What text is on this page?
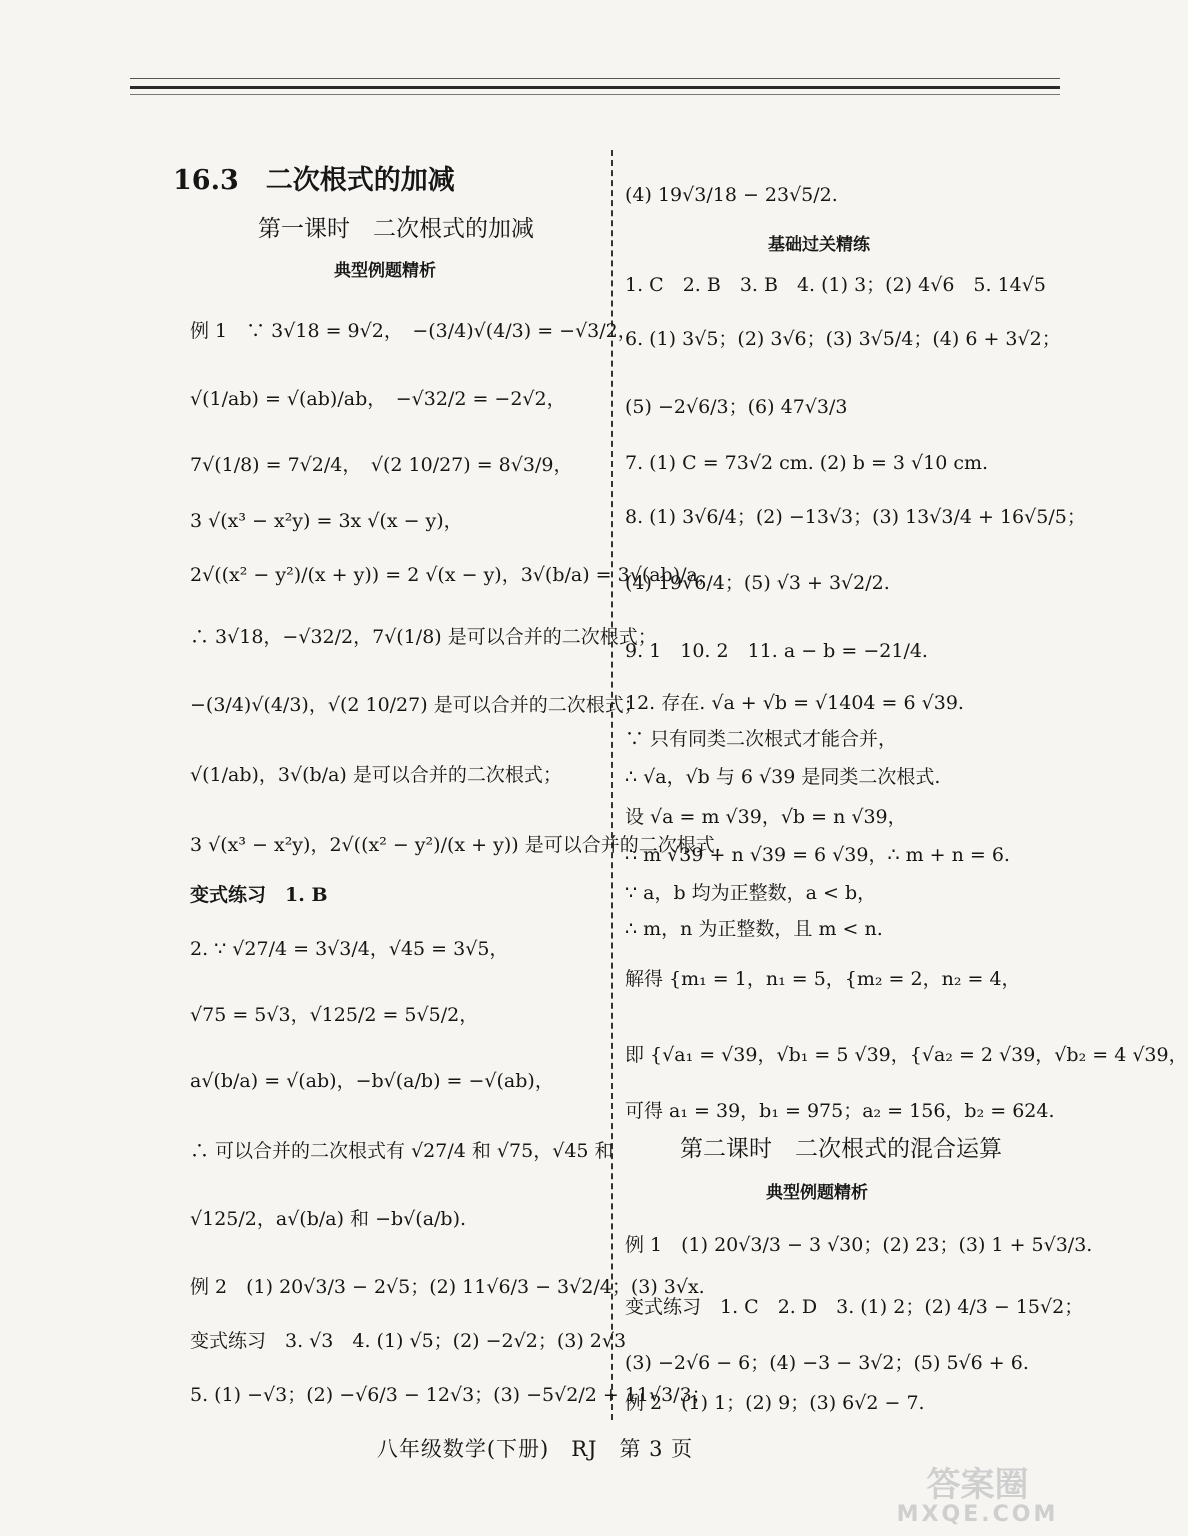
16.3　二次根式的加减
第一课时　二次根式的加减
典型例题精析
例 1　∵ 3√18 = 9√2，　−(3/4)√(4/3) = −√3/2，
√(1/ab) = √(ab)/ab，　−√32/2 = −2√2，
7√(1/8) = 7√2/4，　√(2 10/27) = 8√3/9，
3 √(x³ − x²y) = 3x √(x − y)，
2√((x² − y²)/(x + y)) = 2 √(x − y)，3√(b/a) = 3√(ab)/a，
∴ 3√18，−√32/2，7√(1/8) 是可以合并的二次根式；
−(3/4)√(4/3)，√(2 10/27) 是可以合并的二次根式；
√(1/ab)，3√(b/a) 是可以合并的二次根式；
3 √(x³ − x²y)，2√((x² − y²)/(x + y)) 是可以合并的二次根式.
变式练习　1. B
2. ∵ √27/4 = 3√3/4，√45 = 3√5，
√75 = 5√3，√125/2 = 5√5/2，
a√(b/a) = √(ab)，−b√(a/b) = −√(ab)，
∴ 可以合并的二次根式有 √27/4 和 √75，√45 和
√125/2，a√(b/a) 和 −b√(a/b).
例 2　(1) 20√3/3 − 2√5；(2) 11√6/3 − 3√2/4；(3) 3√x.
变式练习　3. √3　4. (1) √5；(2) −2√2；(3) 2√3
5. (1) −√3；(2) −√6/3 − 12√3；(3) −5√2/2 + 11√3/3；
(4) 19√3/18 − 23√5/2.
基础过关精练
1. C　2. B　3. B　4. (1) 3；(2) 4√6　5. 14√5
6. (1) 3√5；(2) 3√6；(3) 3√5/4；(4) 6 + 3√2；
(5) −2√6/3；(6) 47√3/3
7. (1) C = 73√2 cm. (2) b = 3 √10 cm.
8. (1) 3√6/4；(2) −13√3；(3) 13√3/4 + 16√5/5；
(4) 19√6/4；(5) √3 + 3√2/2.
9. 1　10. 2　11. a − b = −21/4.
12. 存在. √a + √b = √1404 = 6 √39.
∵ 只有同类二次根式才能合并，
∴ √a，√b 与 6 √39 是同类二次根式.
设 √a = m √39，√b = n √39，
∴ m √39 + n √39 = 6 √39，∴ m + n = 6.
∵ a，b 均为正整数，a < b，
∴ m，n 为正整数，且 m < n.
解得 {m₁ = 1，n₁ = 5，{m₂ = 2，n₂ = 4，
即 {√a₁ = √39，√b₁ = 5 √39，{√a₂ = 2 √39，√b₂ = 4 √39，
可得 a₁ = 39，b₁ = 975；a₂ = 156，b₂ = 624.
第二课时　二次根式的混合运算
典型例题精析
例 1　(1) 20√3/3 − 3 √30；(2) 23；(3) 1 + 5√3/3.
变式练习　1. C　2. D　3. (1) 2；(2) 4/3 − 15√2；
(3) −2√6 − 6；(4) −3 − 3√2；(5) 5√6 + 6.
例 2　(1) 1；(2) 9；(3) 6√2 − 7.
八年级数学(下册)　RJ　第 3 页
答案圈
MXQE.COM
